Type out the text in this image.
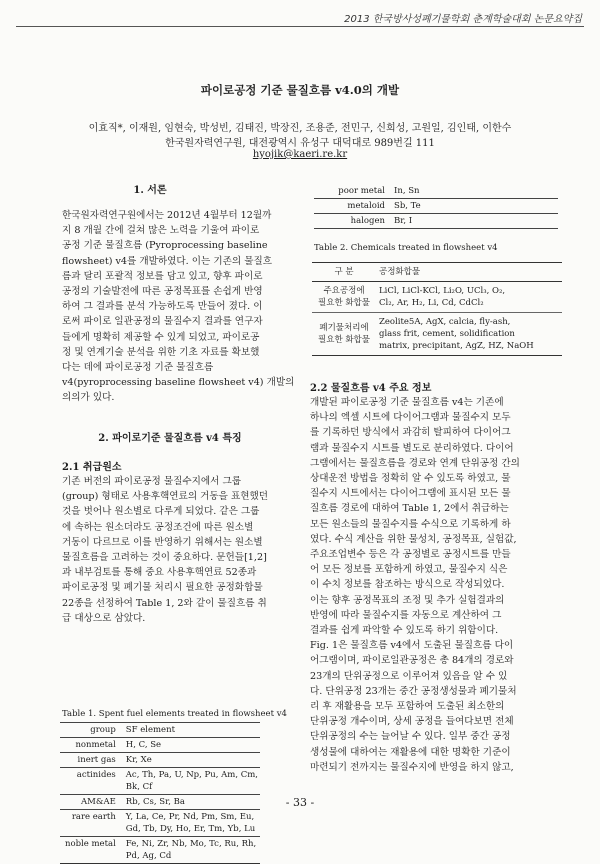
2013 한국방사성폐기물학회 춘계학술대회 논문요약집
파이로공정 기준 물질흐름 v4.0의 개발
이효직*, 이재원, 임현숙, 박성빈, 김태진, 박장진, 조용준, 전민구, 신희성, 고원일, 김인태, 이한수
한국원자력연구원, 대전광역시 유성구 대덕대로 989번길 111
hyojik@kaeri.re.kr
1. 서론
한국원자력연구원에서는 2012년 4월부터 12월까
지 8 개월 간에 걸쳐 많은 노력을 기울여 파이로
공정 기준 물질흐름 (Pyroprocessing baseline
flowsheet) v4를 개발하였다. 이는 기존의 물질흐
름과 달리 포괄적 정보를 담고 있고, 향후 파이로
공정의 기술발전에 따른 공정목표를 손쉽게 반영
하여 그 결과를 분석 가능하도록 만들어 졌다. 이
로써 파이로 일관공정의 물질수지 결과를 연구자
들에게 명확히 제공할 수 있게 되었고, 파이로공
정 및 연계기술 분석을 위한 기초 자료를 확보했
다는 데에 파이로공정 기준 물질흐름
v4(pyroprocessing baseline flowsheet v4) 개발의
의의가 있다.
2. 파이로기준 물질흐름 v4 특징
2.1 취급원소
기존 버전의 파이로공정 물질수지에서 그룹
(group) 형태로 사용후핵연료의 거동을 표현했던
것을 벗어나 원소별로 다루게 되었다. 같은 그룹
에 속하는 원소더라도 공정조건에 따른 원소별
거동이 다르므로 이를 반영하기 위해서는 원소별
물질흐름을 고려하는 것이 중요하다. 문헌들[1,2]
과 내부검토를 통해 중요 사용후핵연료 52종과
파이로공정 및 폐기물 처리시 필요한 공정화합물
22종을 선정하여 Table 1, 2와 같이 물질흐름 취
급 대상으로 삼았다.
Table 1. Spent fuel elements treated in flowsheet v4
group	SF element
nonmetal	H, C, Se
inert gas	Kr, Xe
actinides	Ac, Th, Pa, U, Np, Pu, Am, Cm,
Bk, Cf

AM&AE	Rb, Cs, Sr, Ba
rare earth	Y, La, Ce, Pr, Nd, Pm, Sm, Eu,
Gd, Tb, Dy, Ho, Er, Tm, Yb, Lu

noble metal	Fe, Ni, Zr, Nb, Mo, Tc, Ru, Rh,
Pd, Ag, Cd
poor metal	In, Sn
metaloid	Sb, Te
halogen	Br, I
Table 2. Chemicals treated in flowsheet v4
구 분	공정화합물

주요공정에
필요한 화합물	LiCl, LiCl-KCl, Li₂O, UCl₃, O₂,
Cl₂, Ar, H₂, Li, Cd, CdCl₂

폐기물처리에
필요한 화합물	Zeolite5A, AgX, calcia, fly-ash,
glass frit, cement, solidification
matrix, precipitant, AgZ, HZ, NaOH
2.2 물질흐름 v4 주요 정보
개발된 파이로공정 기준 물질흐름 v4는 기존에
하나의 엑셀 시트에 다이어그램과 물질수지 모두
를 기록하던 방식에서 과감히 탈피하여 다이어그
램과 물질수지 시트를 별도로 분리하였다. 다이어
그램에서는 물질흐름을 경로와 연계 단위공정 간의
상대운전 방법을 정확히 알 수 있도록 하였고, 물
질수지 시트에서는 다이어그램에 표시된 모든 물
질흐름 경로에 대하여 Table 1, 2에서 취급하는
모든 원소들의 물질수지를 수식으로 기록하게 하
였다. 수식 계산을 위한 물성치, 공정목표, 실험값,
주요조업변수 등은 각 공정별로 공정시트를 만들
어 모든 정보를 포함하게 하였고, 물질수지 식은
이 수치 정보를 참조하는 방식으로 작성되었다.
이는 향후 공정목표의 조정 및 추가 실험결과의
반영에 따라 물질수지를 자동으로 계산하여 그
결과를 쉽게 파악할 수 있도록 하기 위함이다.
Fig. 1은 물질흐름 v4에서 도출된 물질흐름 다이
어그램이며, 파이로일관공정은 총 84개의 경로와
23개의 단위공정으로 이루어져 있음을 알 수 있
다. 단위공정 23개는 중간 공정생성물과 폐기물처
리 후 재활용을 모두 포함하여 도출된 최소한의
단위공정 개수이며, 상세 공정을 들여다보면 전체
단위공정의 수는 늘어날 수 있다. 일부 중간 공정
생성물에 대하여는 재활용에 대한 명확한 기준이
마련되기 전까지는 물질수지에 반영을 하지 않고,
- 33 -
